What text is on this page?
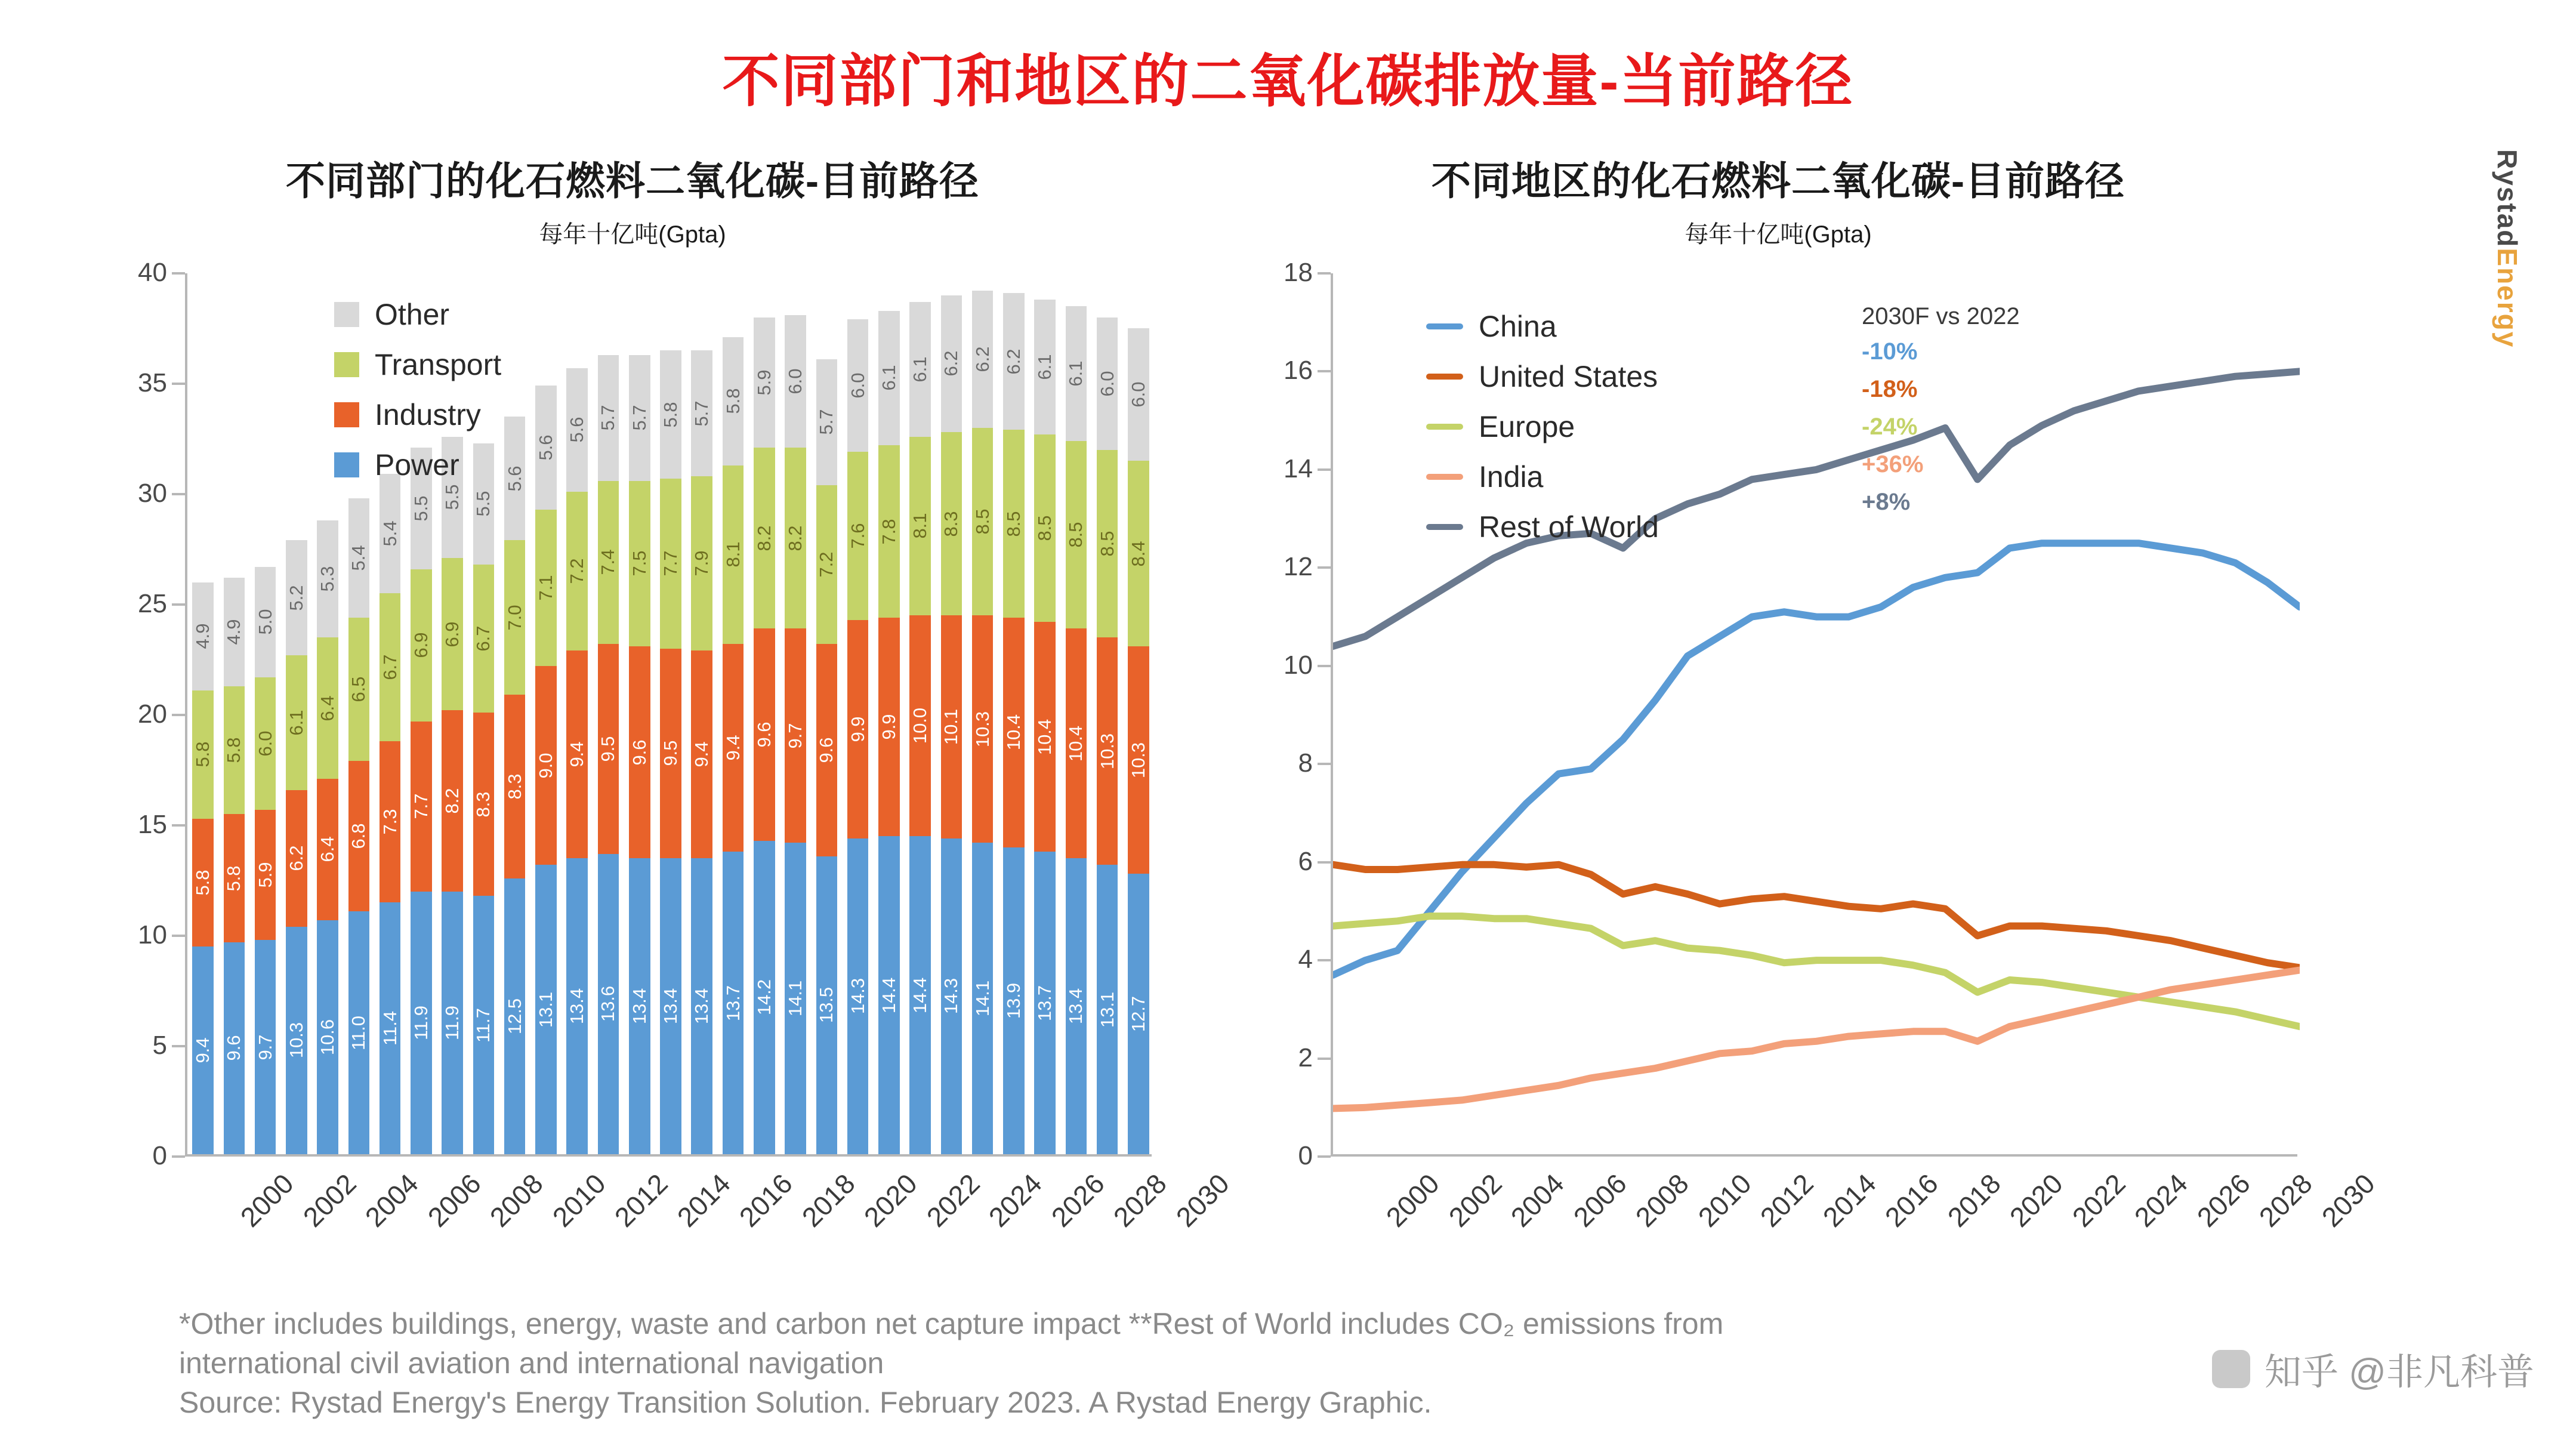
不同部门和地区的二氧化碳排放量-当前路径
不同部门的化石燃料二氧化碳-目前路径
每年十亿吨(Gpta)
9.4
5.8
5.8
4.9
9.6
5.8
5.8
4.9
9.7
5.9
6.0
5.0
10.3
6.2
6.1
5.2
10.6
6.4
6.4
5.3
11.0
6.8
6.5
5.4
11.4
7.3
6.7
5.4
11.9
7.7
6.9
5.5
11.9
8.2
6.9
5.5
11.7
8.3
6.7
5.5
12.5
8.3
7.0
5.6
13.1
9.0
7.1
5.6
13.4
9.4
7.2
5.6
13.6
9.5
7.4
5.7
13.4
9.6
7.5
5.7
13.4
9.5
7.7
5.8
13.4
9.4
7.9
5.7
13.7
9.4
8.1
5.8
14.2
9.6
8.2
5.9
14.1
9.7
8.2
6.0
13.5
9.6
7.2
5.7
14.3
9.9
7.6
6.0
14.4
9.9
7.8
6.1
14.4
10.0
8.1
6.1
14.3
10.1
8.3
6.2
14.1
10.3
8.5
6.2
13.9
10.4
8.5
6.2
13.7
10.4
8.5
6.1
13.4
10.4
8.5
6.1
13.1
10.3
8.5
6.0
12.7
10.3
8.4
6.0
0
5
10
15
20
25
30
35
40
2000
2002
2004
2006
2008
2010
2012
2014
2016
2018
2020
2022
2024
2026
2028
2030
Other
Transport
Industry
Power
不同地区的化石燃料二氧化碳-目前路径
每年十亿吨(Gpta)
0
2
4
6
8
10
12
14
16
18
2000
2002
2004
2006
2008
2010
2012
2014
2016
2018
2020
2022
2024
2026
2028
2030
China
United States
Europe
India
Rest of World
2030F vs 2022
-10%
-18%
-24%
+36%
+8%
*Other includes buildings, energy, waste and carbon net capture impact **Rest of World includes CO₂ emissions from
international civil aviation and international navigation
Source: Rystad Energy's Energy Transition Solution. February 2023. A Rystad Energy Graphic.
RystadEnergy
知乎 @非凡科普
